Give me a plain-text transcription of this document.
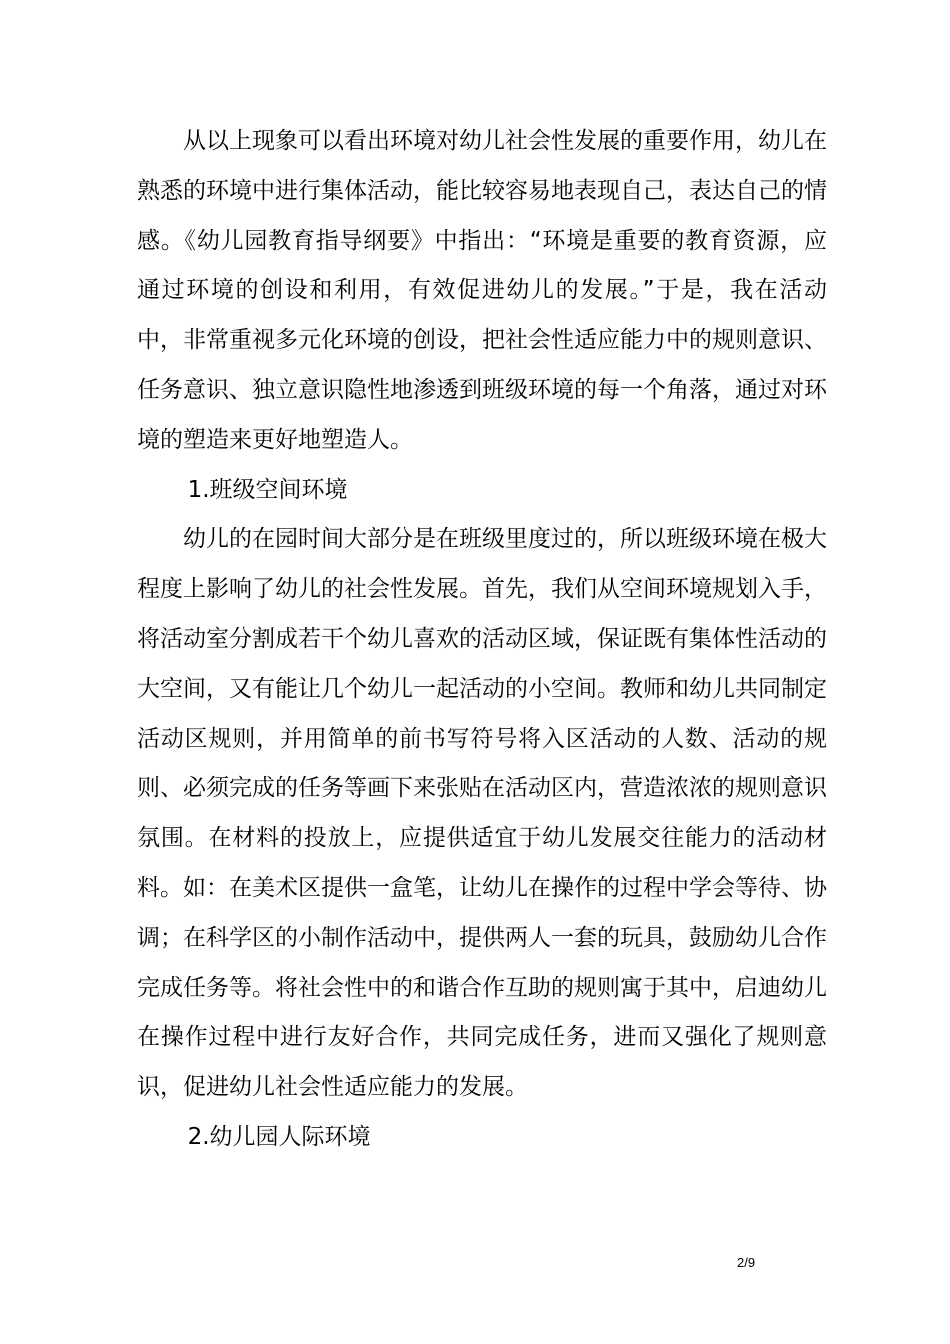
从以上现象可以看出环境对幼儿社会性发展的重要作用，幼儿在熟悉的环境中进行集体活动，能比较容易地表现自己，表达自己的情感。《幼儿园教育指导纲要》中指出：“环境是重要的教育资源，应通过环境的创设和利用，有效促进幼儿的发展。”于是，我在活动中，非常重视多元化环境的创设，把社会性适应能力中的规则意识、任务意识、独立意识隐性地渗透到班级环境的每一个角落，通过对环境的塑造来更好地塑造人。

1.班级空间环境

幼儿的在园时间大部分是在班级里度过的，所以班级环境在极大程度上影响了幼儿的社会性发展。首先，我们从空间环境规划入手，将活动室分割成若干个幼儿喜欢的活动区域，保证既有集体性活动的大空间，又有能让几个幼儿一起活动的小空间。教师和幼儿共同制定活动区规则，并用简单的前书写符号将入区活动的人数、活动的规则、必须完成的任务等画下来张贴在活动区内，营造浓浓的规则意识氛围。在材料的投放上，应提供适宜于幼儿发展交往能力的活动材料。如：在美术区提供一盒笔，让幼儿在操作的过程中学会等待、协调；在科学区的小制作活动中，提供两人一套的玩具，鼓励幼儿合作完成任务等。将社会性中的和谐合作互助的规则寓于其中，启迪幼儿在操作过程中进行友好合作，共同完成任务，进而又强化了规则意识，促进幼儿社会性适应能力的发展。

2.幼儿园人际环境

2/9
